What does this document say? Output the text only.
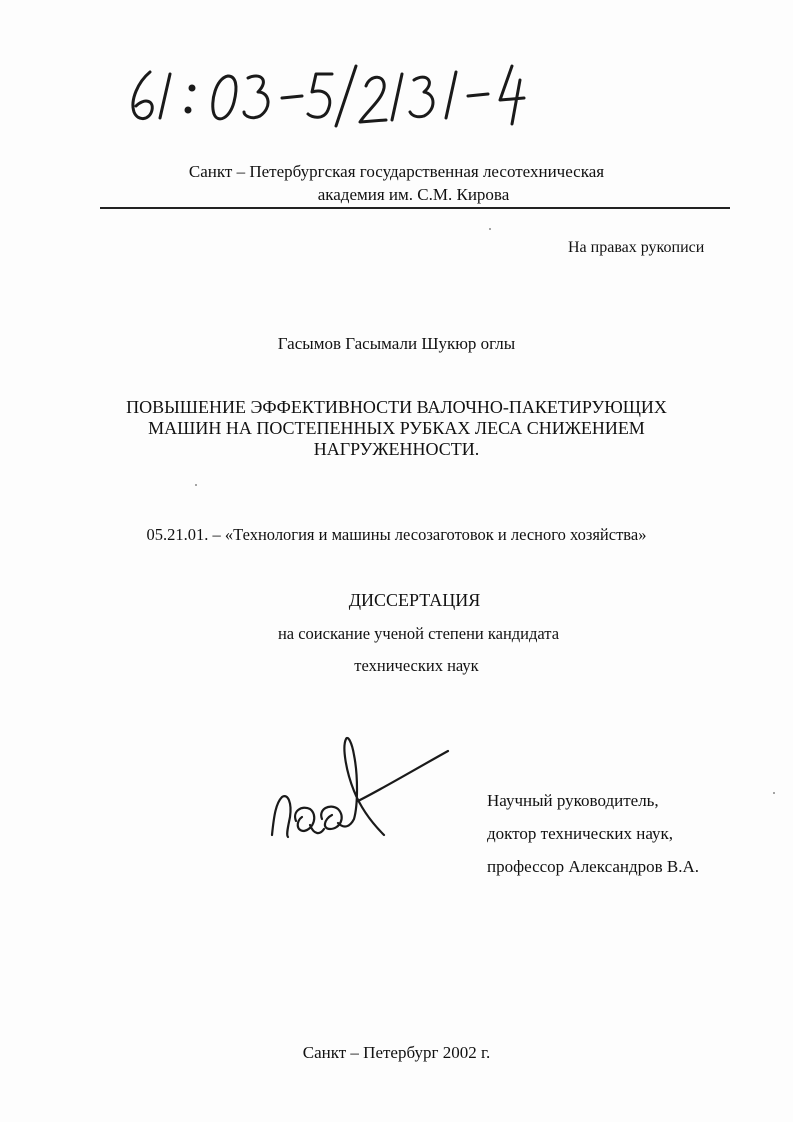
Санкт – Петербургская государственная лесотехническая
академия им. С.М. Кирова
На правах рукописи
Гасымов Гасымали Шукюр оглы
ПОВЫШЕНИЕ ЭФФЕКТИВНОСТИ ВАЛОЧНО-ПАКЕТИРУЮЩИХ
МАШИН НА ПОСТЕПЕННЫХ РУБКАХ ЛЕСА СНИЖЕНИЕМ
НАГРУЖЕННОСТИ.
05.21.01. – «Технология и машины лесозаготовок и лесного хозяйства»
ДИССЕРТАЦИЯ
на соискание ученой степени кандидата
технических наук
Научный руководитель,
доктор технических наук,
профессор Александров В.А.
Санкт – Петербург 2002 г.
